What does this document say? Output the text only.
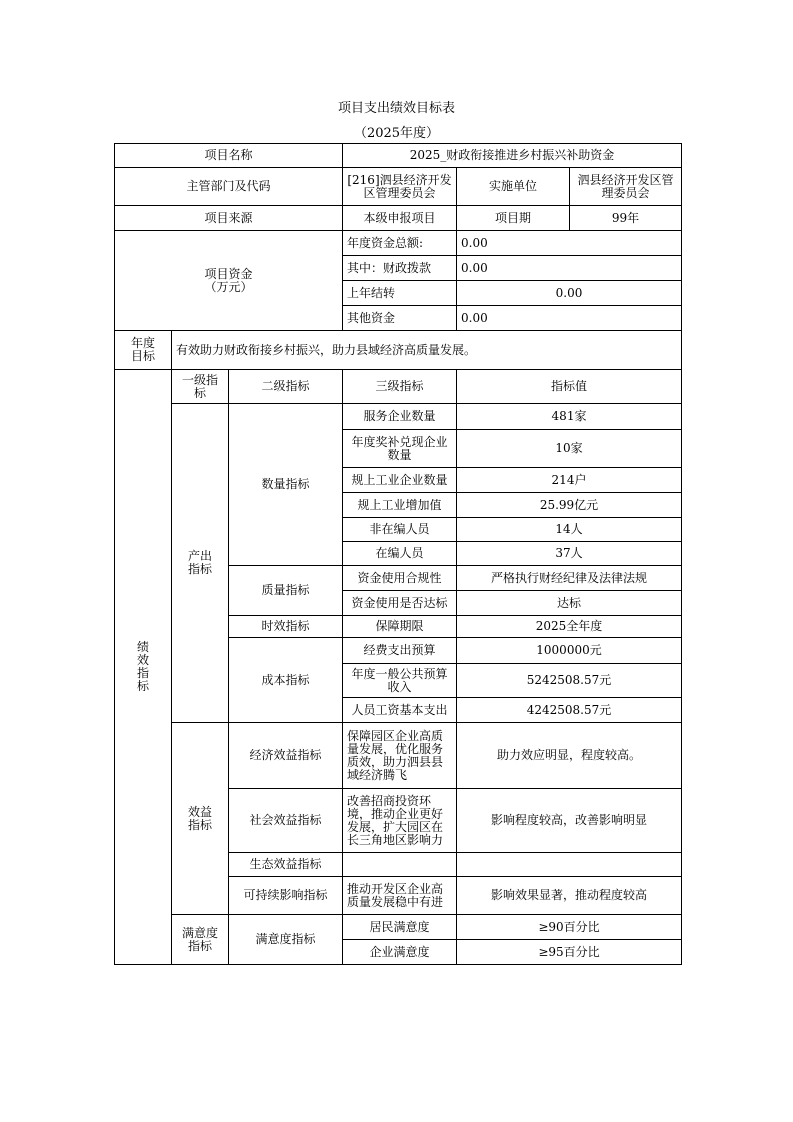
项目支出绩效目标表
（2025年度）
项目名称			2025_财政衔接推进乡村振兴补助资金		
主管部门及代码			[216]泗县经济开发区管理委员会	实施单位	泗县经济开发区管理委员会
项目来源			本级申报项目	项目期	99年
项目资金
（万元）			年度资金总额:	0.00	
			其中：财政拨款	0.00	
			上年结转	0.00	
			其他资金	0.00	
年度目标	有效助力财政衔接乡村振兴，助力县域经济高质量发展。				
绩效指标	一级指标	二级指标	三级指标	指标值	
	产出指标	数量指标	服务企业数量	481家	
			年度奖补兑现企业数量	10家	
			规上工业企业数量	214户	
			规上工业增加值	25.99亿元	
			非在编人员	14人	
			在编人员	37人	
		质量指标	资金使用合规性	严格执行财经纪律及法律法规	
			资金使用是否达标	达标	
		时效指标	保障期限	2025全年度	
		成本指标	经费支出预算	1000000元	
			年度一般公共预算收入	5242508.57元	
			人员工资基本支出	4242508.57元	
	效益指标	经济效益指标	保障园区企业高质量发展，优化服务质效，助力泗县县域经济腾飞	助力效应明显，程度较高。	
		社会效益指标	改善招商投资环境，推动企业更好发展，扩大园区在长三角地区影响力	影响程度较高，改善影响明显	
		生态效益指标			
		可持续影响指标	推动开发区企业高质量发展稳中有进	影响效果显著，推动程度较高	
	满意度指标	满意度指标	居民满意度	≥90百分比	
			企业满意度	≥95百分比	
